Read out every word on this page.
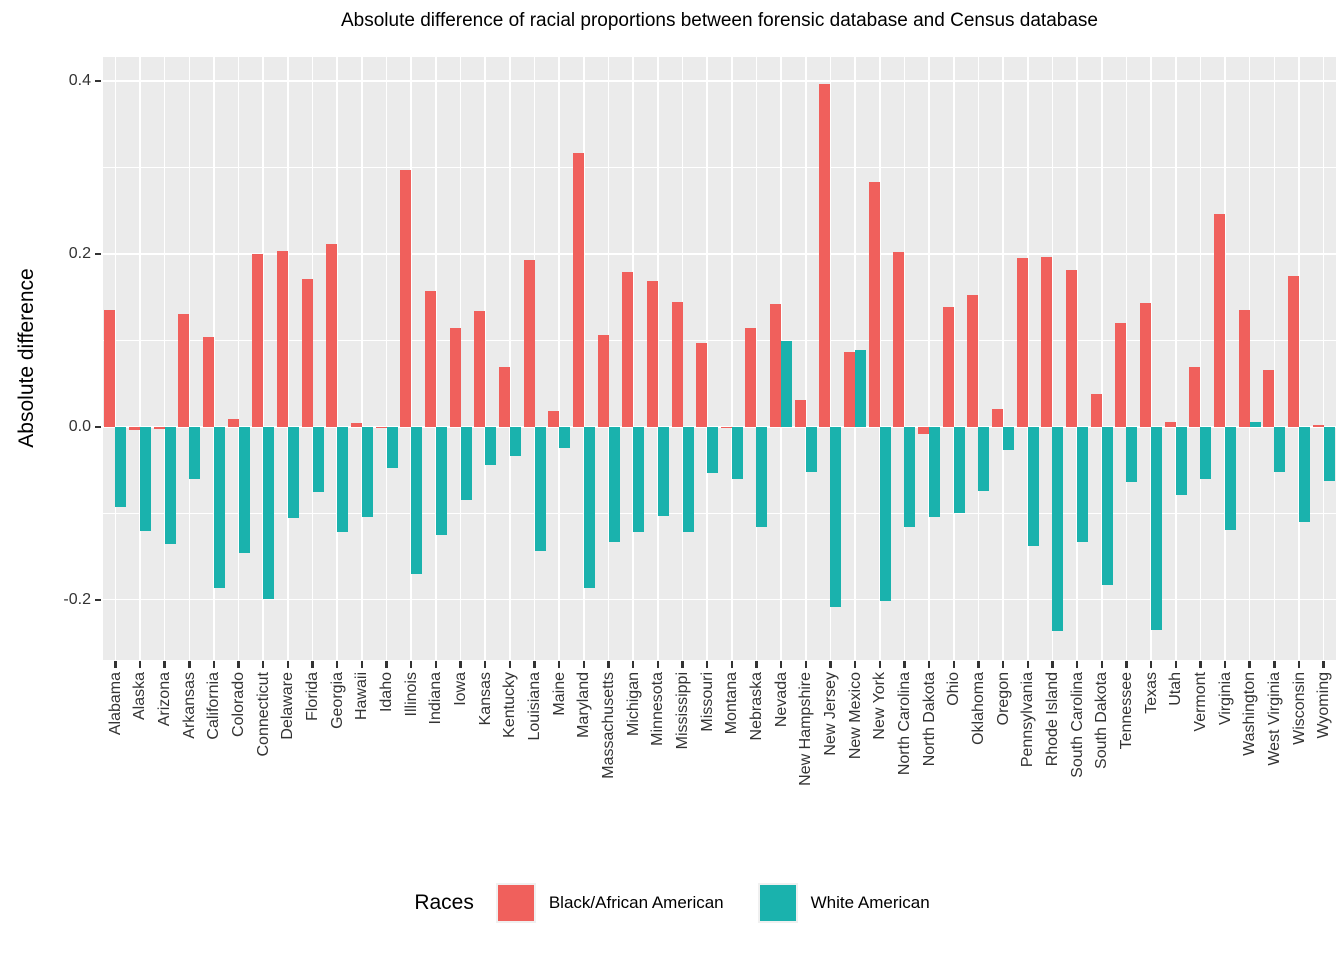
Absolute difference of racial proportions between forensic database and Census database
Absolute difference
0.4
0.2
0.0
-0.2
Alabama Alaska Arizona Arkansas California Colorado Connecticut Delaware Florida Georgia Hawaii Idaho Illinois Indiana Iowa Kansas Kentucky Louisiana Maine Maryland Massachusetts Michigan Minnesota Mississippi Missouri Montana Nebraska Nevada New Hampshire New Jersey New Mexico New York North Carolina North Dakota Ohio Oklahoma Oregon Pennsylvania Rhode Island South Carolina South Dakota Tennessee Texas Utah Vermont Virginia Washington West Virginia Wisconsin Wyoming
Races	Black/African American	White American
